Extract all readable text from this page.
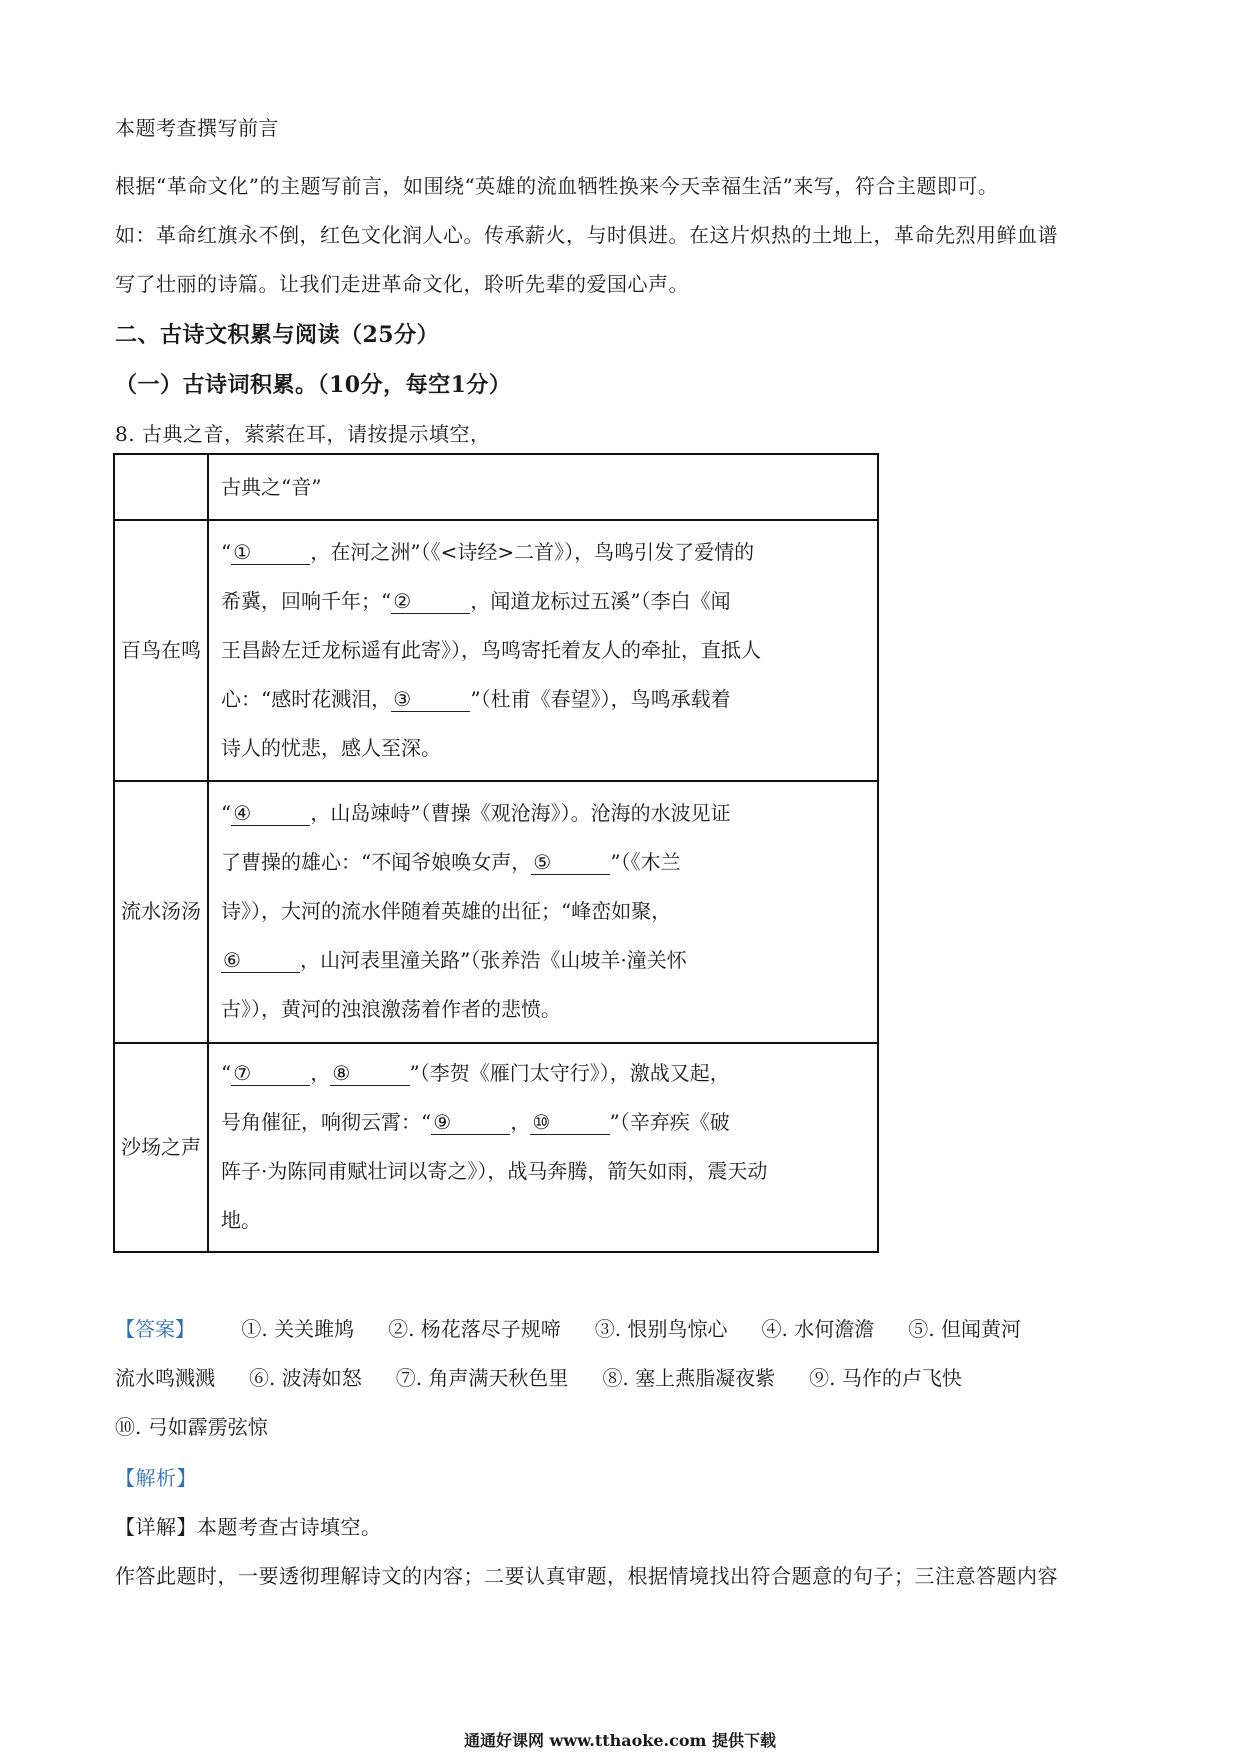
本题考查撰写前言
根据“革命文化”的主题写前言，如围绕“英雄的流血牺牲换来今天幸福生活”来写，符合主题即可。
如：革命红旗永不倒，红色文化润人心。传承薪火，与时俱进。在这片炽热的土地上，革命先烈用鲜血谱
写了壮丽的诗篇。让我们走进革命文化，聆听先辈的爱国心声。
二、古诗文积累与阅读（25分）
（一）古诗词积累。（10分，每空1分）
8. 古典之音，萦萦在耳，请按提示填空，
	古典之“音”
百鸟在鸣	“ ①         ，在河之洲”（《<诗经>二首》），鸟鸣引发了爱情的
希冀，回响千年；“ ②         ，闻道龙标过五溪”（李白《闻
王昌龄左迁龙标遥有此寄》），鸟鸣寄托着友人的牵扯，直抵人
心：“感时花溅泪， ③         ”（杜甫《春望》），鸟鸣承载着
诗人的忧悲，感人至深。

流水汤汤	“ ④         ，山岛竦峙”（曹操《观沧海》）。沧海的水波见证
了曹操的雄心：“不闻爷娘唤女声， ⑤         ”（《木兰
诗》），大河的流水伴随着英雄的出征；“峰峦如聚，
⑥         ，山河表里潼关路”（张养浩《山坡羊·潼关怀
古》），黄河的浊浪激荡着作者的悲愤。

沙场之声	“ ⑦         ， ⑧         ”（李贺《雁门太守行》），激战又起，
号角催征，响彻云霄：“ ⑨         ， ⑩         ”（辛弃疾《破
阵子·为陈同甫赋壮词以寄之》），战马奔腾，箭矢如雨，震天动
地。
【答案】 ①. 关关雎鸠 ②. 杨花落尽子规啼 ③. 恨别鸟惊心 ④. 水何澹澹 ⑤. 但闻黄河
流水鸣溅溅 ⑥. 波涛如怒 ⑦. 角声满天秋色里 ⑧. 塞上燕脂凝夜紫 ⑨. 马作的卢飞快
⑩. 弓如霹雳弦惊
【解析】
【详解】本题考查古诗填空。
作答此题时，一要透彻理解诗文的内容；二要认真审题，根据情境找出符合题意的句子；三注意答题内容
通通好课网 www.tthaoke.com 提供下载
